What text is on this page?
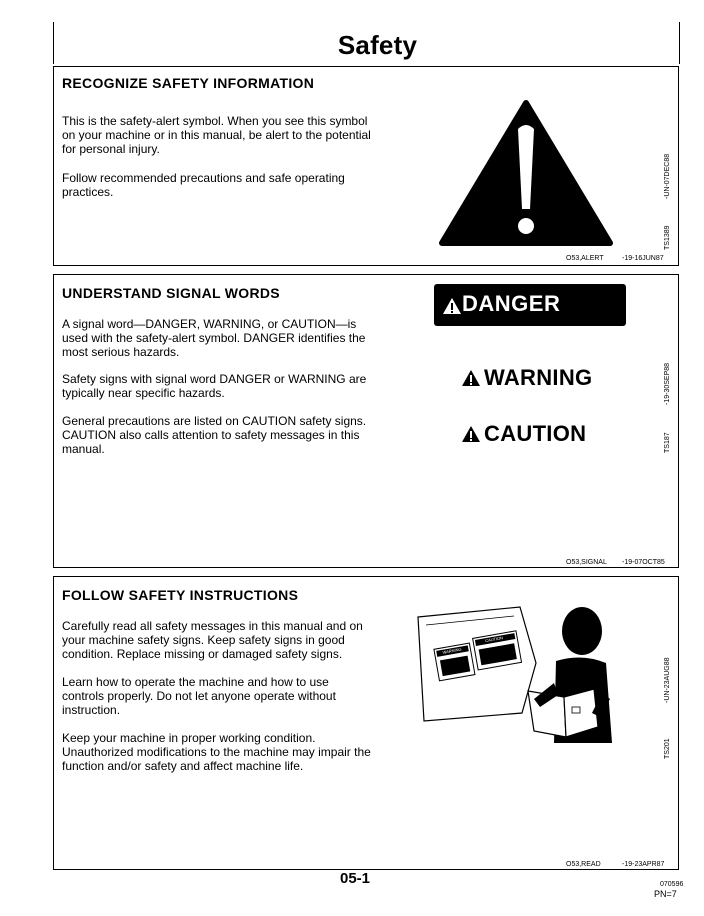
Safety
RECOGNIZE SAFETY INFORMATION
This is the safety-alert symbol. When you see this symbol on your machine or in this manual, be alert to the potential for personal injury.
Follow recommended precautions and safe operating practices.	-UN-07DEC88
TS1389
O53,ALERT	-19-16JUN87
UNDERSTAND SIGNAL WORDS
A signal word—DANGER, WARNING, or CAUTION—is used with the safety-alert symbol. DANGER identifies the most serious hazards.
Safety signs with signal word DANGER or WARNING are typically near specific hazards.
General precautions are listed on CAUTION safety signs. CAUTION also calls attention to safety messages in this manual.
DANGER
WARNING
CAUTION
-19-30SEP88
TS187
O53,SIGNAL -19-07OCT85
FOLLOW SAFETY INSTRUCTIONS
Carefully read all safety messages in this manual and on your machine safety signs. Keep safety signs in good condition. Replace missing or damaged safety signs.
Learn how to operate the machine and how to use controls properly. Do not let anyone operate without instruction.
Keep your machine in proper working condition. Unauthorized modifications to the machine may impair the function and/or safety and affect machine life.
WARNING
CAUTION
-UN-23AUG88
TS201
O53,READ	-19-23APR87
05-1	070596
PN=7
